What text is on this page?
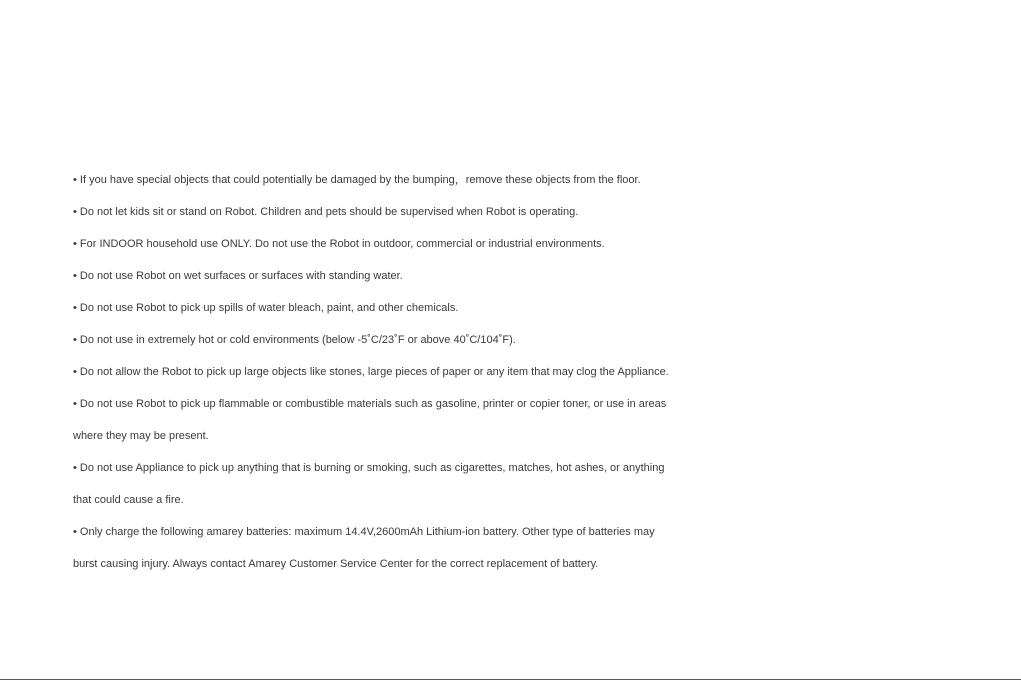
• If you have special objects that could potentially be damaged by the bumping，remove these objects from the floor.

• Do not let kids sit or stand on Robot. Children and pets should be supervised when Robot is operating.

• For INDOOR household use ONLY. Do not use the Robot in outdoor, commercial or industrial environments.

• Do not use Robot on wet surfaces or surfaces with standing water.

• Do not use Robot to pick up spills of water bleach, paint, and other chemicals.

• Do not use in extremely hot or cold environments (below -5˚C/23˚F or above 40˚C/104˚F).

• Do not allow the Robot to pick up large objects like stones, large pieces of paper or any item that may clog the Appliance.

• Do not use Robot to pick up flammable or combustible materials such as gasoline, printer or copier toner, or use in areas

where they may be present.

• Do not use Appliance to pick up anything that is burning or smoking, such as cigarettes, matches, hot ashes, or anything

that could cause a fire.

• Only charge the following amarey batteries: maximum 14.4V,2600mAh Lithium-ion battery. Other type of batteries may

burst causing injury. Always contact Amarey Customer Service Center for the correct replacement of battery.
